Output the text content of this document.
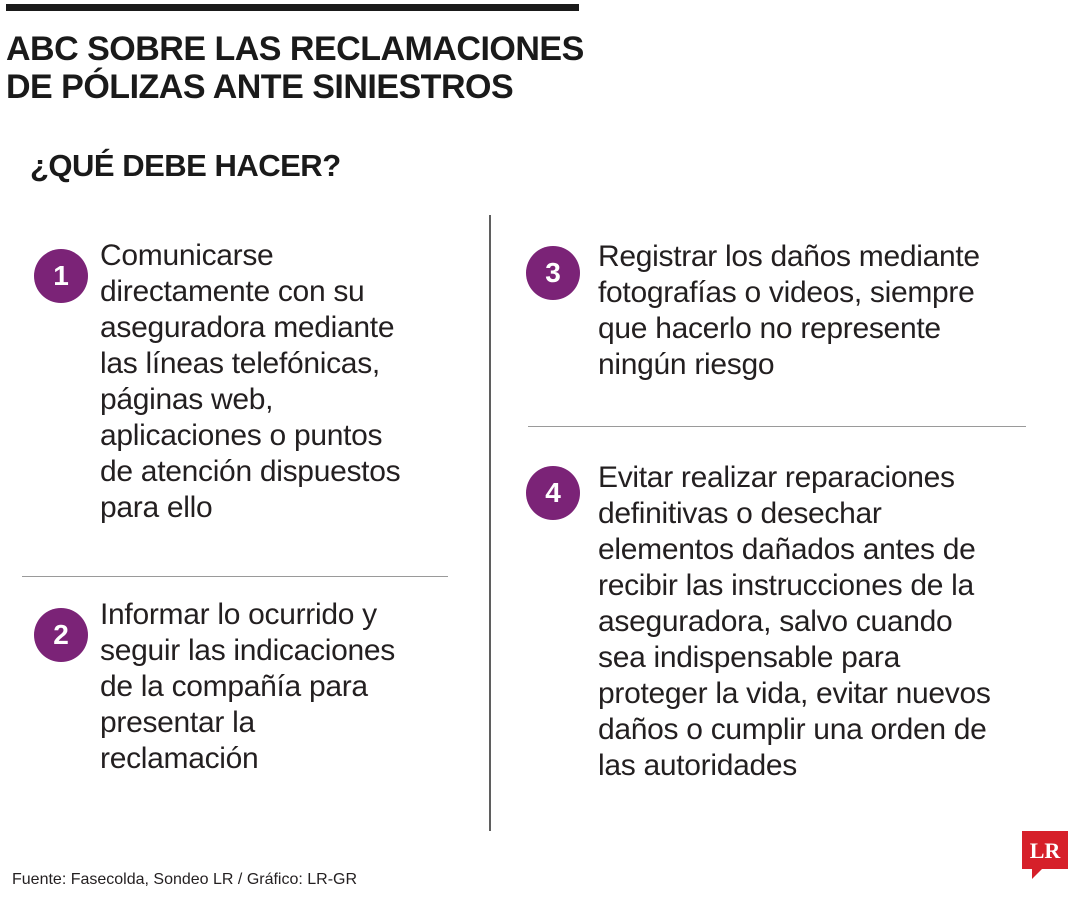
ABC SOBRE LAS RECLAMACIONES
DE PÓLIZAS ANTE SINIESTROS
¿QUÉ DEBE HACER?
1

Comunicarse
directamente con su
aseguradora mediante
las líneas telefónicas,
páginas web,
aplicaciones o puntos
de atención dispuestos
para ello

2

Informar lo ocurrido y
seguir las indicaciones
de la compañía para
presentar la
reclamación

3	Registrar los daños mediante
fotografías o videos, siempre
que hacerlo no represente
ningún riesgo

4	Evitar realizar reparaciones
definitivas o desechar
elementos dañados antes de
recibir las instrucciones de la
aseguradora, salvo cuando
sea indispensable para
proteger la vida, evitar nuevos
daños o cumplir una orden de
las autoridades

Fuente: Fasecolda, Sondeo LR / Gráfico: LR-GR
LR
